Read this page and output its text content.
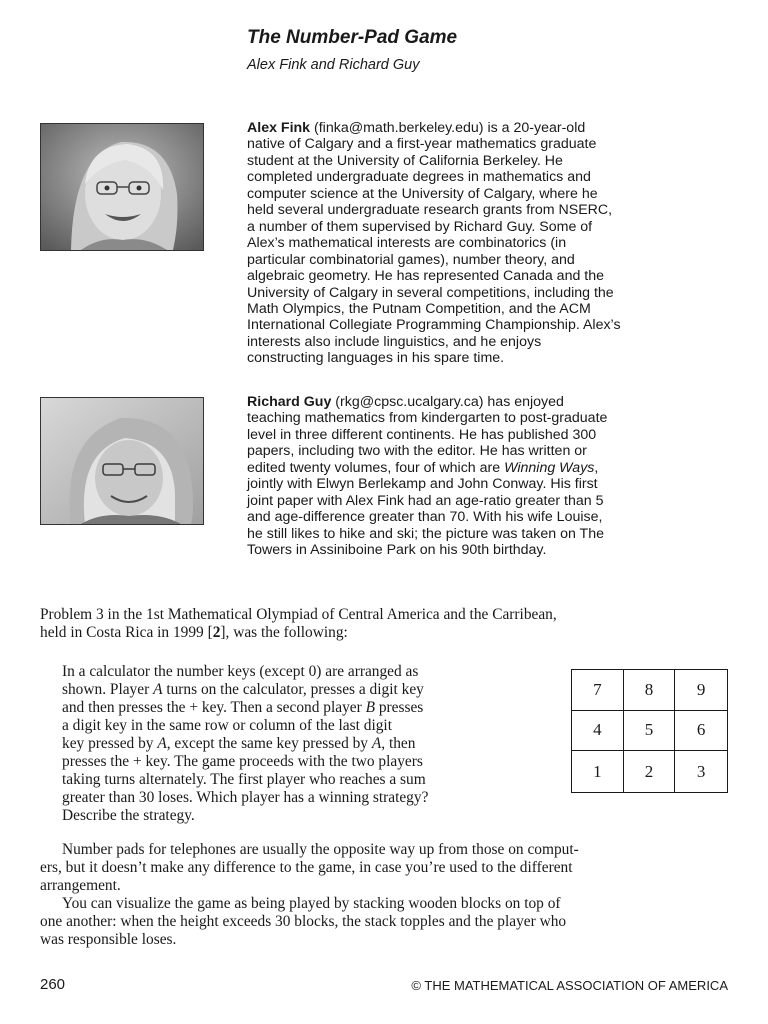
The Number-Pad Game
Alex Fink and Richard Guy
Alex Fink (finka@math.berkeley.edu) is a 20-year-old
native of Calgary and a first-year mathematics graduate
student at the University of California Berkeley. He
completed undergraduate degrees in mathematics and
computer science at the University of Calgary, where he
held several undergraduate research grants from NSERC,
a number of them supervised by Richard Guy. Some of
Alex’s mathematical interests are combinatorics (in
particular combinatorial games), number theory, and
algebraic geometry. He has represented Canada and the
University of Calgary in several competitions, including the
Math Olympics, the Putnam Competition, and the ACM
International Collegiate Programming Championship. Alex’s
interests also include linguistics, and he enjoys
constructing languages in his spare time.
Richard Guy (rkg@cpsc.ucalgary.ca) has enjoyed
teaching mathematics from kindergarten to post-graduate
level in three different continents. He has published 300
papers, including two with the editor. He has written or
edited twenty volumes, four of which are Winning Ways,
jointly with Elwyn Berlekamp and John Conway. His first
joint paper with Alex Fink had an age-ratio greater than 5
and age-difference greater than 70. With his wife Louise,
he still likes to hike and ski; the picture was taken on The
Towers in Assiniboine Park on his 90th birthday.
Problem 3 in the 1st Mathematical Olympiad of Central America and the Carribean,
held in Costa Rica in 1999 [2], was the following:
In a calculator the number keys (except 0) are arranged as
shown. Player A turns on the calculator, presses a digit key
and then presses the + key. Then a second player B presses
a digit key in the same row or column of the last digit
key pressed by A, except the same key pressed by A, then
presses the + key. The game proceeds with the two players
taking turns alternately. The first player who reaches a sum
greater than 30 loses. Which player has a winning strategy?
Describe the strategy.
7	8	9
4	5	6
1	2	3
Number pads for telephones are usually the opposite way up from those on comput-
ers, but it doesn’t make any difference to the game, in case you’re used to the different
arrangement.
You can visualize the game as being played by stacking wooden blocks on top of
one another: when the height exceeds 30 blocks, the stack topples and the player who
was responsible loses.
260	© THE MATHEMATICAL ASSOCIATION OF AMERICA
